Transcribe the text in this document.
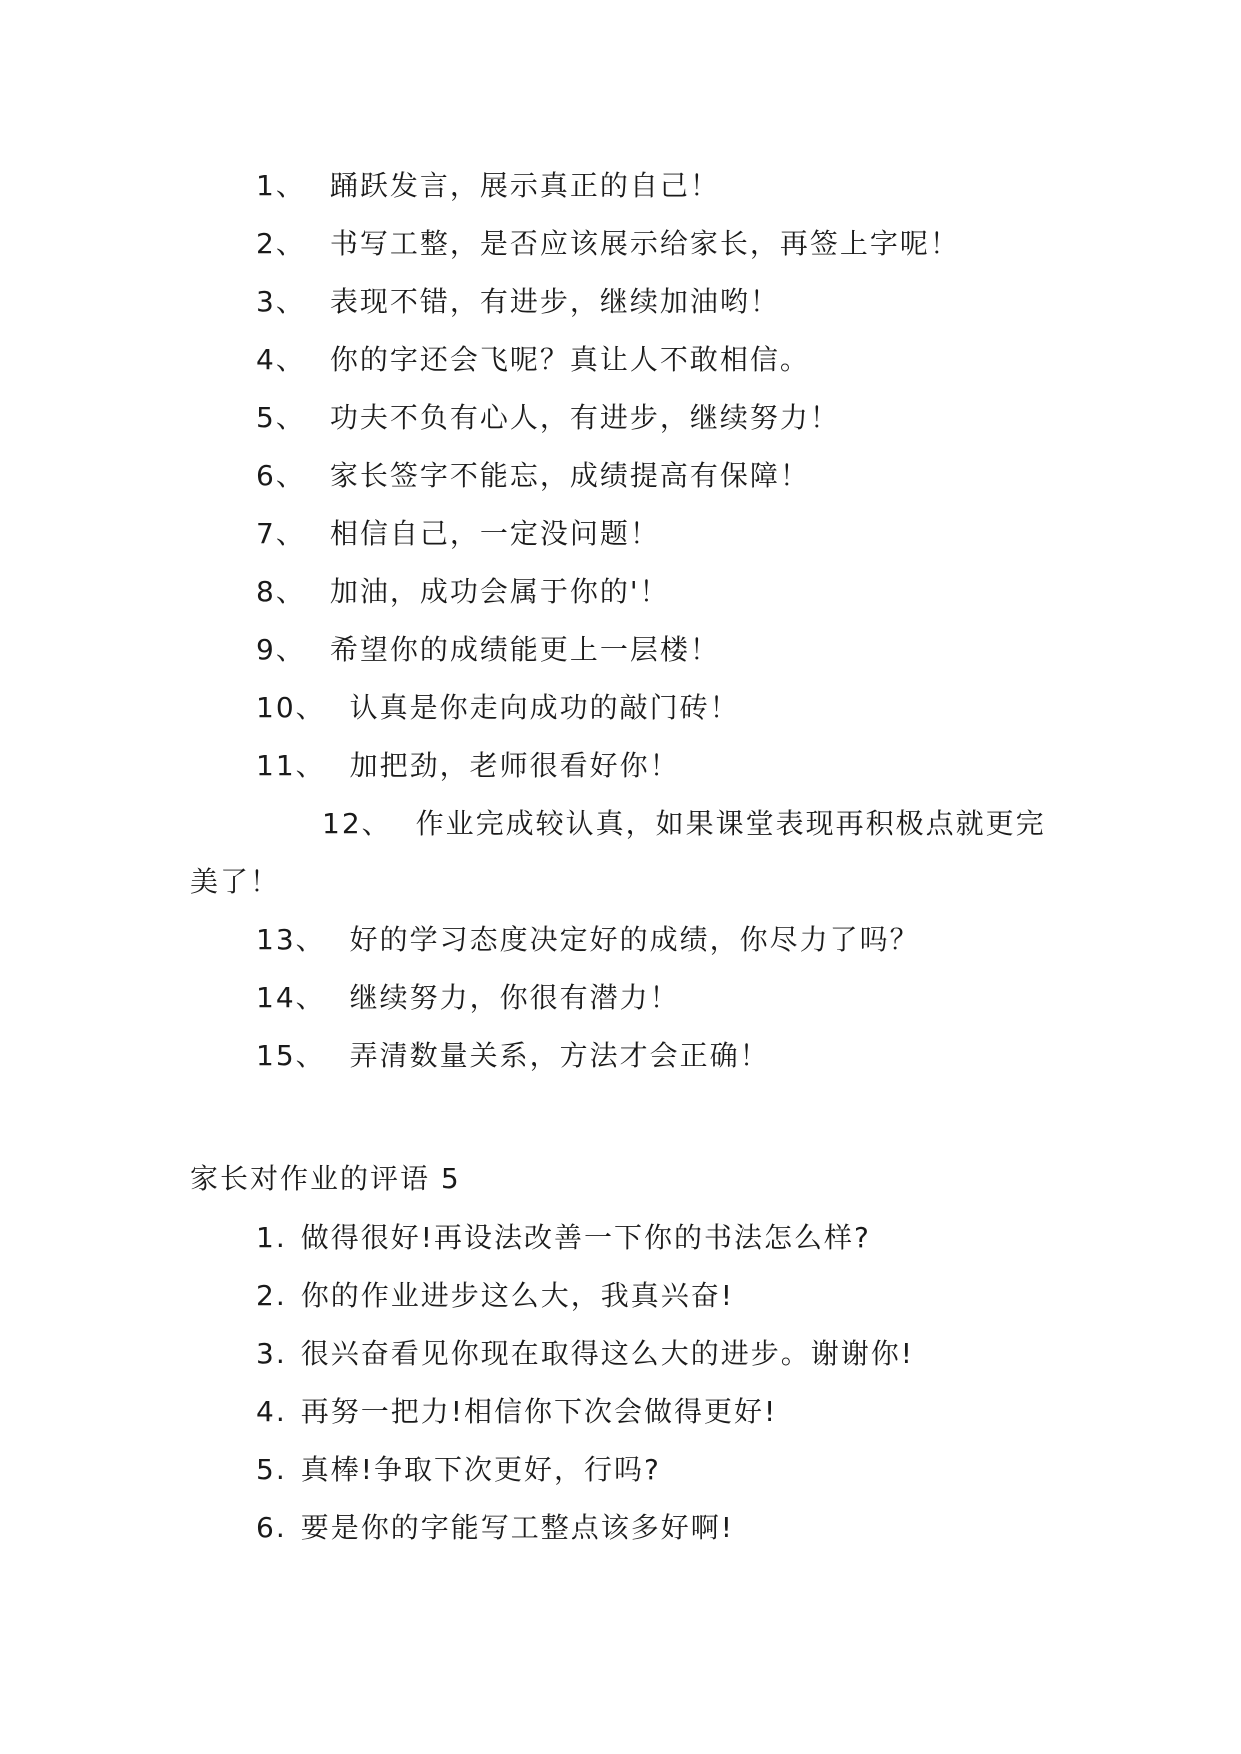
1、 踊跃发言，展示真正的自己！
2、 书写工整，是否应该展示给家长，再签上字呢！
3、 表现不错，有进步，继续加油哟！
4、 你的字还会飞呢？真让人不敢相信。
5、 功夫不负有心人，有进步，继续努力！
6、 家长签字不能忘，成绩提高有保障！
7、 相信自己，一定没问题！
8、 加油，成功会属于你的'！
9、 希望你的成绩能更上一层楼！
10、 认真是你走向成功的敲门砖！
11、 加把劲，老师很看好你！
12、 作业完成较认真，如果课堂表现再积极点就更完美了！
13、 好的学习态度决定好的成绩，你尽力了吗？
14、 继续努力，你很有潜力！
15、 弄清数量关系，方法才会正确！
家长对作业的评语 5
1. 做得很好!再设法改善一下你的书法怎么样?
2. 你的作业进步这么大，我真兴奋!
3. 很兴奋看见你现在取得这么大的进步。谢谢你!
4. 再努一把力!相信你下次会做得更好!
5. 真棒!争取下次更好，行吗?
6. 要是你的字能写工整点该多好啊!
